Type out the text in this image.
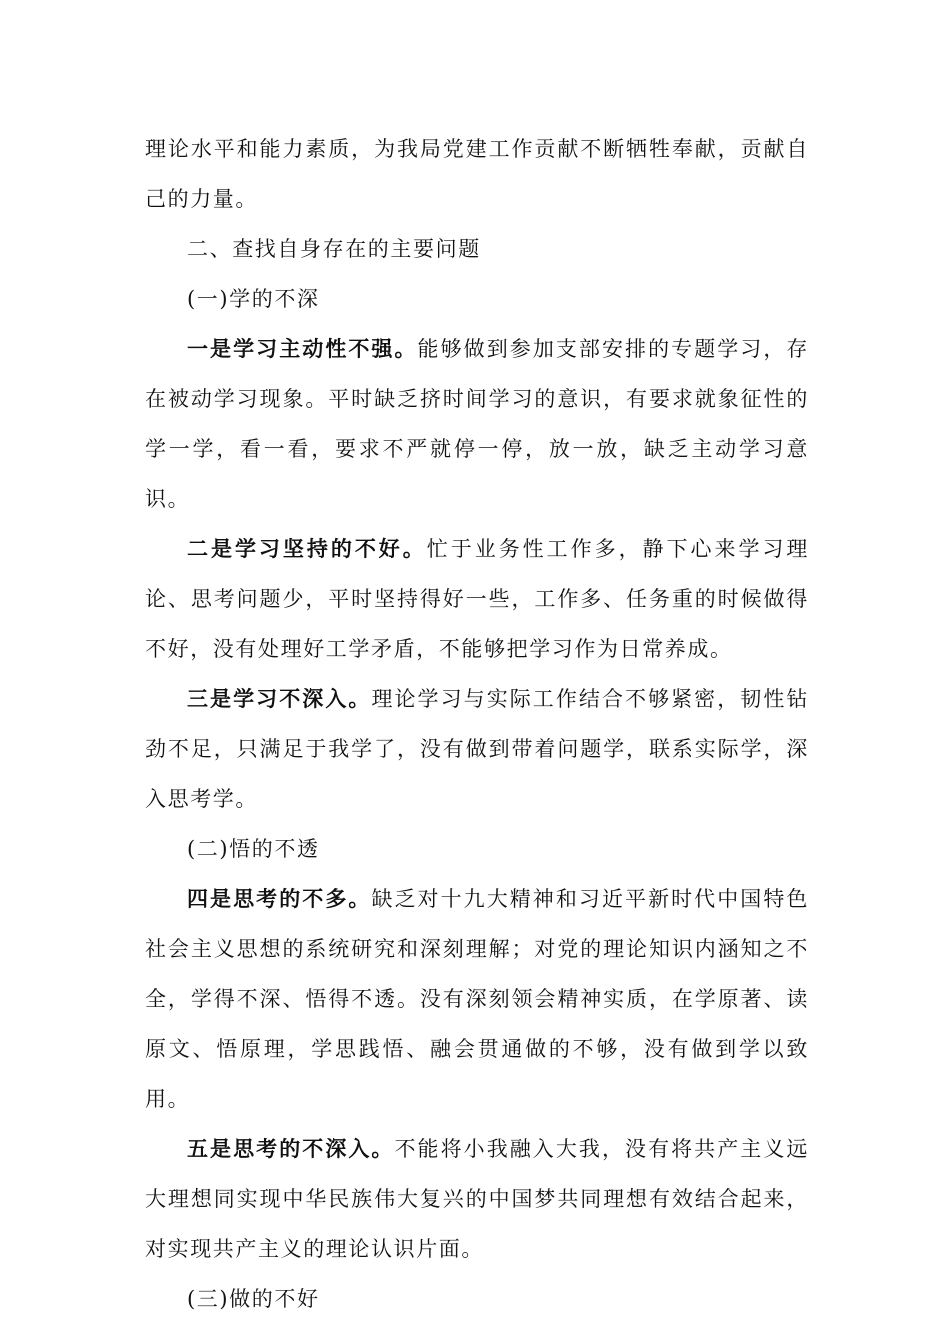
理论水平和能力素质，为我局党建工作贡献不断牺牲奉献，贡献自己的力量。

二、查找自身存在的主要问题

(一)学的不深

一是学习主动性不强。能够做到参加支部安排的专题学习，存在被动学习现象。平时缺乏挤时间学习的意识，有要求就象征性的学一学，看一看，要求不严就停一停，放一放，缺乏主动学习意识。

二是学习坚持的不好。忙于业务性工作多，静下心来学习理论、思考问题少，平时坚持得好一些，工作多、任务重的时候做得不好，没有处理好工学矛盾，不能够把学习作为日常养成。

三是学习不深入。理论学习与实际工作结合不够紧密，韧性钻劲不足，只满足于我学了，没有做到带着问题学，联系实际学，深入思考学。

(二)悟的不透

四是思考的不多。缺乏对十九大精神和习近平新时代中国特色社会主义思想的系统研究和深刻理解；对党的理论知识内涵知之不全，学得不深、悟得不透。没有深刻领会精神实质，在学原著、读原文、悟原理，学思践悟、融会贯通做的不够，没有做到学以致用。

五是思考的不深入。不能将小我融入大我，没有将共产主义远大理想同实现中华民族伟大复兴的中国梦共同理想有效结合起来，对实现共产主义的理论认识片面。

(三)做的不好
